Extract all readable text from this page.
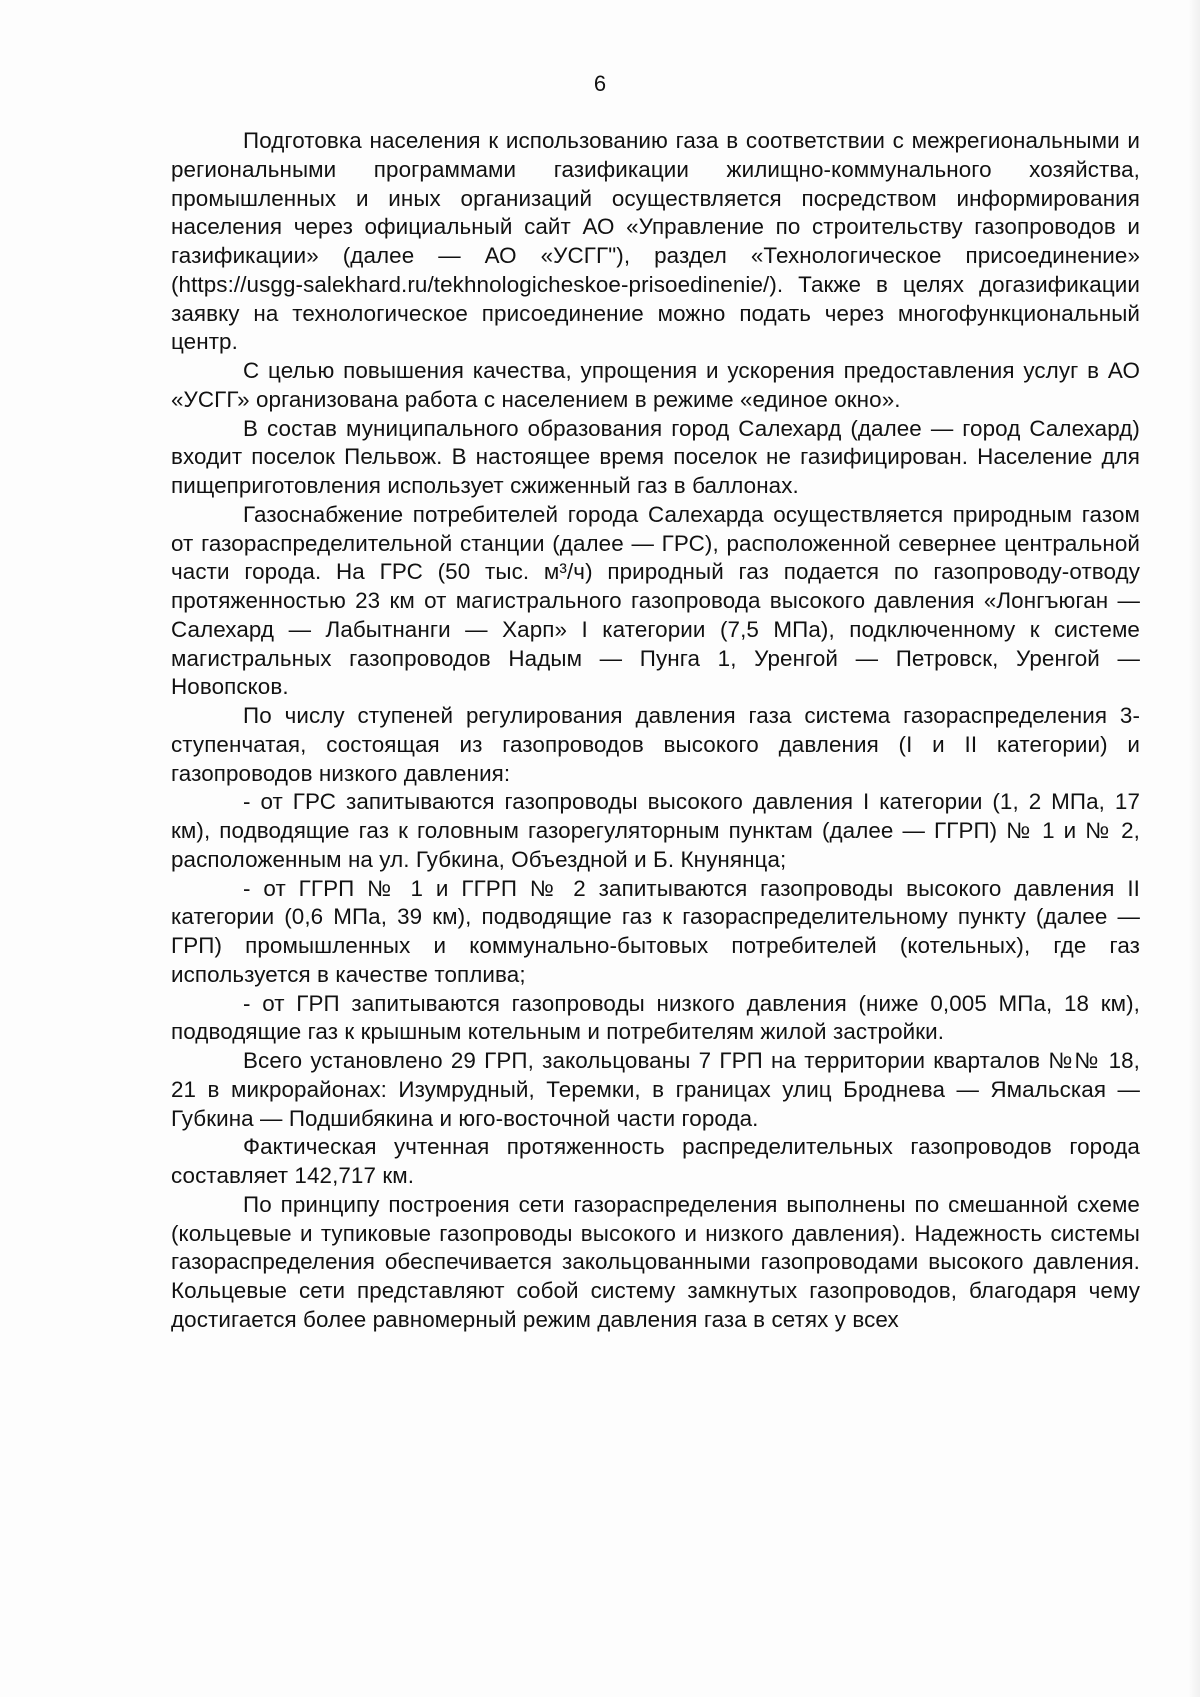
6

Подготовка населения к использованию газа в соответствии с межрегиональными и региональными программами газификации жилищно-коммунального хозяйства, промышленных и иных организаций осуществляется посредством информирования населения через официальный сайт АО «Управление по строительству газопроводов и газификации» (далее — АО «УСГГ"), раздел «Технологическое присоединение» (https://usgg-salekhard.ru/tekhnologicheskoe-prisoedinenie/). Также в целях догазификации заявку на технологическое присоединение можно подать через многофункциональный центр.

С целью повышения качества, упрощения и ускорения предоставления услуг в АО «УСГГ» организована работа с населением в режиме «единое окно».

В состав муниципального образования город Салехард (далее — город Салехард) входит поселок Пельвож. В настоящее время поселок не газифицирован. Население для пищеприготовления использует сжиженный газ в баллонах.

Газоснабжение потребителей города Салехарда осуществляется природным газом от газораспределительной станции (далее — ГРС), расположенной севернее центральной части города. На ГРС (50 тыс. м³/ч) природный газ подается по газопроводу-отводу протяженностью 23 км от магистрального газопровода высокого давления «Лонгъюган — Салехард — Лабытнанги — Харп» I категории (7,5 МПа), подключенному к системе магистральных газопроводов Надым — Пунга 1, Уренгой — Петровск, Уренгой — Новопсков.

По числу ступеней регулирования давления газа система газораспределения 3-ступенчатая, состоящая из газопроводов высокого давления (I и II категории) и газопроводов низкого давления:

- от ГРС запитываются газопроводы высокого давления I категории (1, 2 МПа, 17 км), подводящие газ к головным газорегуляторным пунктам (далее — ГГРП) № 1 и № 2, расположенным на ул. Губкина, Объездной и Б. Кнунянца;

- от ГГРП № 1 и ГГРП № 2 запитываются газопроводы высокого давления II категории (0,6 МПа, 39 км), подводящие газ к газораспределительному пункту (далее — ГРП) промышленных и коммунально-бытовых потребителей (котельных), где газ используется в качестве топлива;

- от ГРП запитываются газопроводы низкого давления (ниже 0,005 МПа, 18 км), подводящие газ к крышным котельным и потребителям жилой застройки.

Всего установлено 29 ГРП, закольцованы 7 ГРП на территории кварталов №№ 18, 21 в микрорайонах: Изумрудный, Теремки, в границах улиц Броднева — Ямальская — Губкина — Подшибякина и юго-восточной части города.

Фактическая учтенная протяженность распределительных газопроводов города составляет 142,717 км.

По принципу построения сети газораспределения выполнены по смешанной схеме (кольцевые и тупиковые газопроводы высокого и низкого давления). Надежность системы газораспределения обеспечивается закольцованными газопроводами высокого давления. Кольцевые сети представляют собой систему замкнутых газопроводов, благодаря чему достигается более равномерный режим давления газа в сетях у всех
